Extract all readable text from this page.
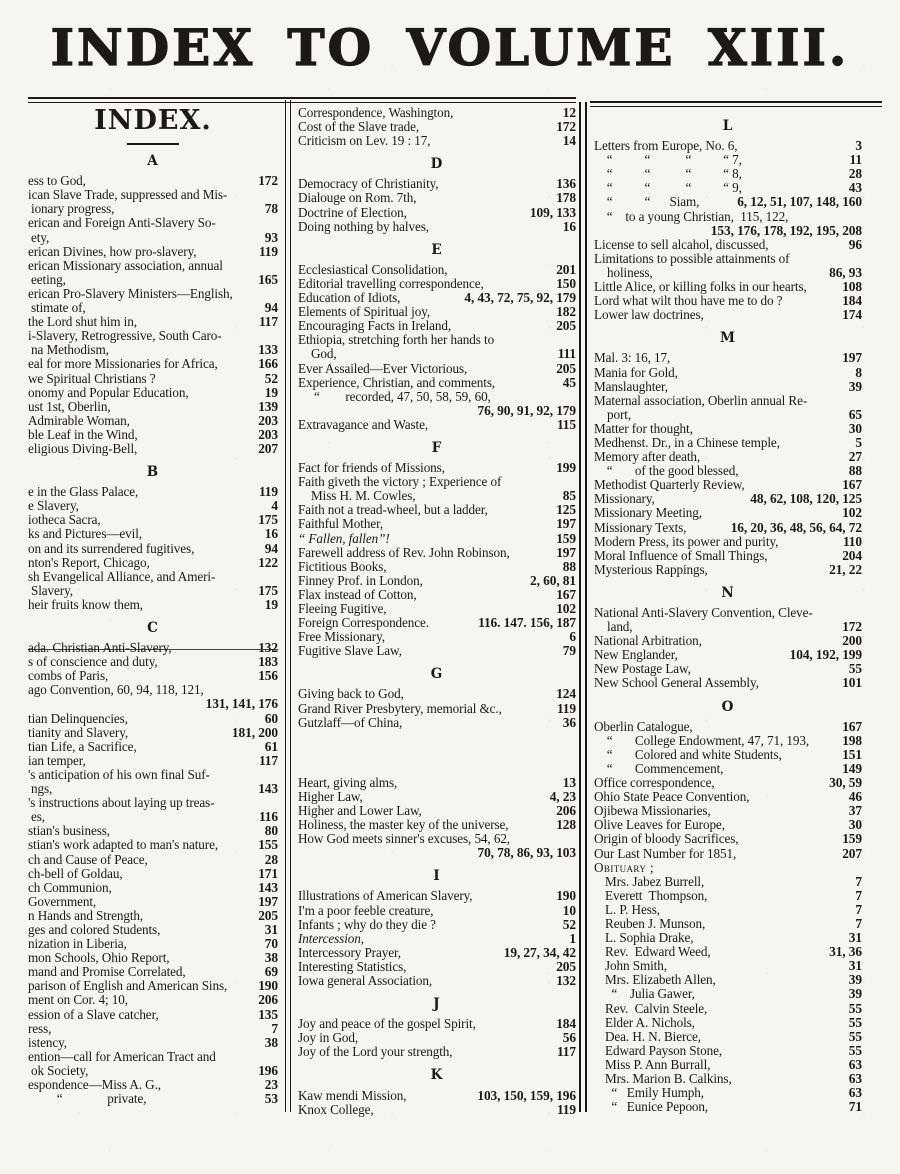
INDEX TO VOLUME XIII.
INDEX.
A
ess to God,	172
ican Slave Trade, suppressed and Mis-
ionary progress,	78
erican and Foreign Anti-Slavery So-
ety,	93
erican Divines, how pro-slavery,	119
erican Missionary association, annual
eeting,	165
erican Pro-Slavery Ministers—English,
stimate of,	94
the Lord shut him in,	117
i-Slavery, Retrogressive, South Caro-
na Methodism,	133
eal for more Missionaries for Africa,	166
we Spiritual Christians ?	52
onomy and Popular Education,	19
ust 1st, Oberlin,	139
Admirable Woman,	203
ble Leaf in the Wind,	203
eligious Diving-Bell,	207
B
e in the Glass Palace,	119
e Slavery,	4
iotheca Sacra,	175
ks and Pictures—evil,	16
on and its surrendered fugitives,	94
nton's Report, Chicago,	122
sh Evangelical Alliance, and Ameri-
Slavery,	175
heir fruits know them,	19
C
ada. Christian Anti-Slavery,	132
s of conscience and duty,	183
combs of Paris,	156
ago Convention, 60, 94, 118, 121,
131, 141, 176
tian Delinquencies,	60
tianity and Slavery,	181, 200
tian Life, a Sacrifice,	61
ian temper,	117
's anticipation of his own final Suf-
ngs,	143
's instructions about laying up treas-
es,	116
stian's business,	80
stian's work adapted to man's nature,	155
ch and Cause of Peace,	28
ch-bell of Goldau,	171
ch Communion,	143
Government,	197
n Hands and Strength,	205
ges and colored Students,	31
nization in Liberia,	70
mon Schools, Ohio Report,	38
mand and Promise Correlated,	69
parison of English and American Sins,	190
ment on Cor. 4; 10,	206
ession of a Slave catcher,	135
ress,	7
istency,	38
ention—call for American Tract and
ok Society,	196
espondence—Miss A. G.,	23
“              private,	53
Correspondence, Washington,	12
Cost of the Slave trade,	172
Criticism on Lev. 19 : 17,	14
D
Democracy of Christianity,	136
Dialouge on Rom. 7th,	178
Doctrine of Election,	109, 133
Doing nothing by halves,	16
E
Ecclesiastical Consolidation,	201
Editorial travelling correspondence,	150
Education of Idiots,	4, 43, 72, 75, 92, 179
Elements of Spiritual joy,	182
Encouraging Facts in Ireland,	205
Ethiopia, stretching forth her hands to
God,	111
Ever Assailed—Ever Victorious,	205
Experience, Christian, and comments,	45
“        recorded, 47, 50, 58, 59, 60,
76, 90, 91, 92, 179
Extravagance and Waste,	115
F
Fact for friends of Missions,	199
Faith giveth the victory ; Experience of
Miss H. M. Cowles,	85
Faith not a tread-wheel, but a ladder,	125
Faithful Mother,	197
“ Fallen, fallen”!	159
Farewell address of Rev. John Robinson,	197
Fictitious Books,	88
Finney Prof. in London,	2, 60, 81
Flax instead of Cotton,	167
Fleeing Fugitive,	102
Foreign Correspondence.	116. 147. 156, 187
Free Missionary,	6
Fugitive Slave Law,	79
G
Giving back to God,	124
Grand River Presbytery, memorial &c.,	119
Gutzlaff—of China,	36
Heart, giving alms,	13
Higher Law,	4, 23
Higher and Lower Law,	206
Holiness, the master key of the universe,	128
How God meets sinner's excuses, 54, 62,
70, 78, 86, 93, 103
I
Illustrations of American Slavery,	190
I'm a poor feeble creature,	10
Infants ; why do they die ?	52
Intercession,	1
Intercessory Prayer,	19, 27, 34, 42
Interesting Statistics,	205
Iowa general Association,	132
J
Joy and peace of the gospel Spirit,	184
Joy in God,	56
Joy of the Lord your strength,	117
K
Kaw mendi Mission,	103, 150, 159, 196
Knox College,	119
L
Letters from Europe, No. 6,	3
“          “           “          “ 7,	11
“          “           “          “ 8,	28
“          “           “          “ 9,	43
“          “      Siam,	6, 12, 51, 107, 148, 160
“    to a young Christian,  115, 122,
153, 176, 178, 192, 195, 208
License to sell alcahol, discussed,	96
Limitations to possible attainments of
holiness,	86, 93
Little Alice, or killing folks in our hearts,	108
Lord what wilt thou have me to do ?	184
Lower law doctrines,	174
M
Mal. 3: 16, 17,	197
Mania for Gold,	8
Manslaughter,	39
Maternal association, Oberlin annual Re-
port,	65
Matter for thought,	30
Medhenst. Dr., in a Chinese temple,	5
Memory after death,	27
“       of the good blessed,	88
Methodist Quarterly Review,	167
Missionary,	48, 62, 108, 120, 125
Missionary Meeting,	102
Missionary Texts,	16, 20, 36, 48, 56, 64, 72
Modern Press, its power and purity,	110
Moral Influence of Small Things,	204
Mysterious Rappings,	21, 22
N
National Anti-Slavery Convention, Cleve-
land,	172
National Arbitration,	200
New Englander,	104, 192, 199
New Postage Law,	55
New School General Assembly,	101
O
Oberlin Catalogue,	167
“       College Endowment, 47, 71, 193,	198
“       Colored and white Students,	151
“       Commencement,	149
Office correspondence,	30, 59
Ohio State Peace Convention,	46
Ojibewa Missionaries,	37
Olive Leaves for Europe,	30
Origin of bloody Sacrifices,	159
Our Last Number for 1851,	207
Obituary ;
Mrs. Jabez Burrell,	7
Everett  Thompson,	7
L. P. Hess,	7
Reuben J. Munson,	7
L. Sophia Drake,	31
Rev.  Edward Weed,	31, 36
John Smith,	31
Mrs. Elizabeth Allen,	39
“    Julia Gawer,	39
Rev.  Calvin Steele,	55
Elder A. Nichols,	55
Dea. H. N. Bierce,	55
Edward Payson Stone,	55
Miss P. Ann Burrall,	63
Mrs. Marion B. Calkins,	63
“   Emily Humph,	63
“   Eunice Pepoon,	71
